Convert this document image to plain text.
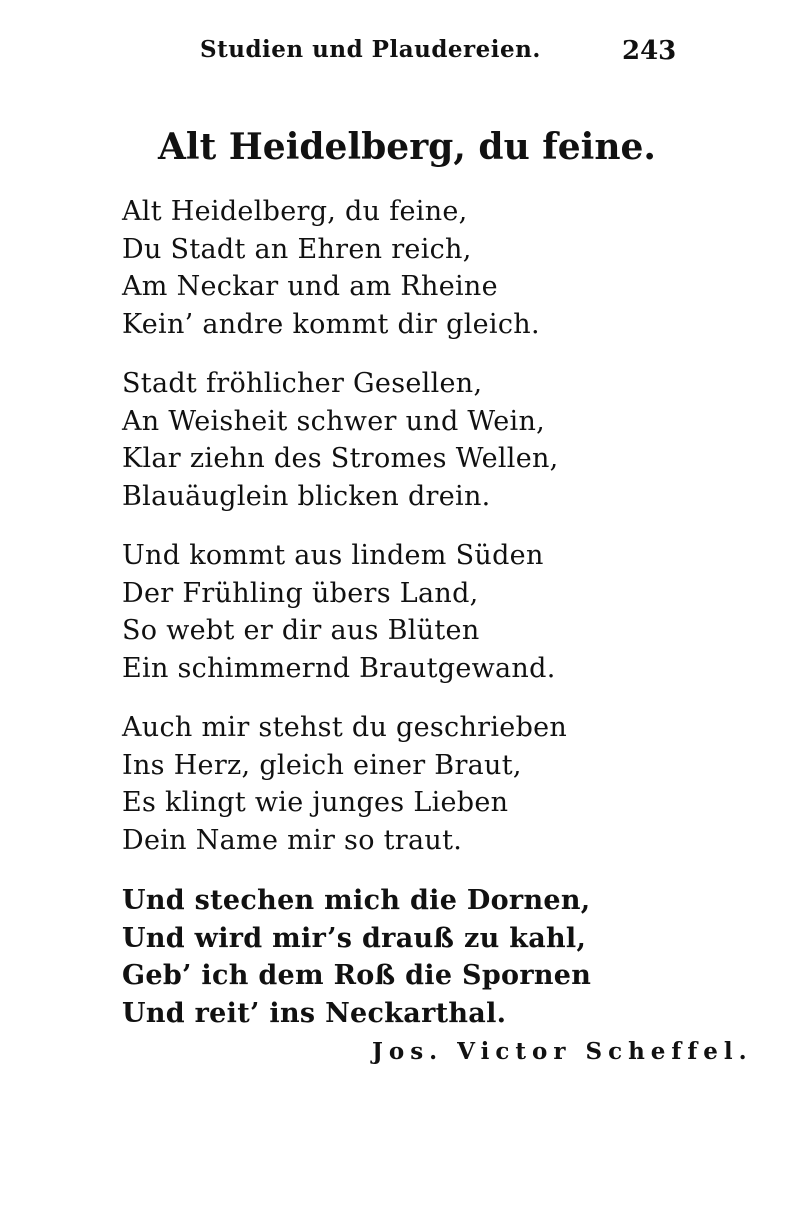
Studien und Plaudereien.	243
Alt Heidelberg, du feine.
Alt Heidelberg, du feine,
Du Stadt an Ehren reich,
Am Neckar und am Rheine
Kein’ andre kommt dir gleich.
Stadt fröhlicher Gesellen,
An Weisheit schwer und Wein,
Klar ziehn des Stromes Wellen,
Blauäuglein blicken drein.
Und kommt aus lindem Süden
Der Frühling übers Land,
So webt er dir aus Blüten
Ein schimmernd Brautgewand.
Auch mir stehst du geschrieben
Ins Herz, gleich einer Braut,
Es klingt wie junges Lieben
Dein Name mir so traut.
Und stechen mich die Dornen,
Und wird mir’s drauß zu kahl,
Geb’ ich dem Roß die Spornen
Und reit’ ins Neckarthal.
Jos. Victor Scheffel.
